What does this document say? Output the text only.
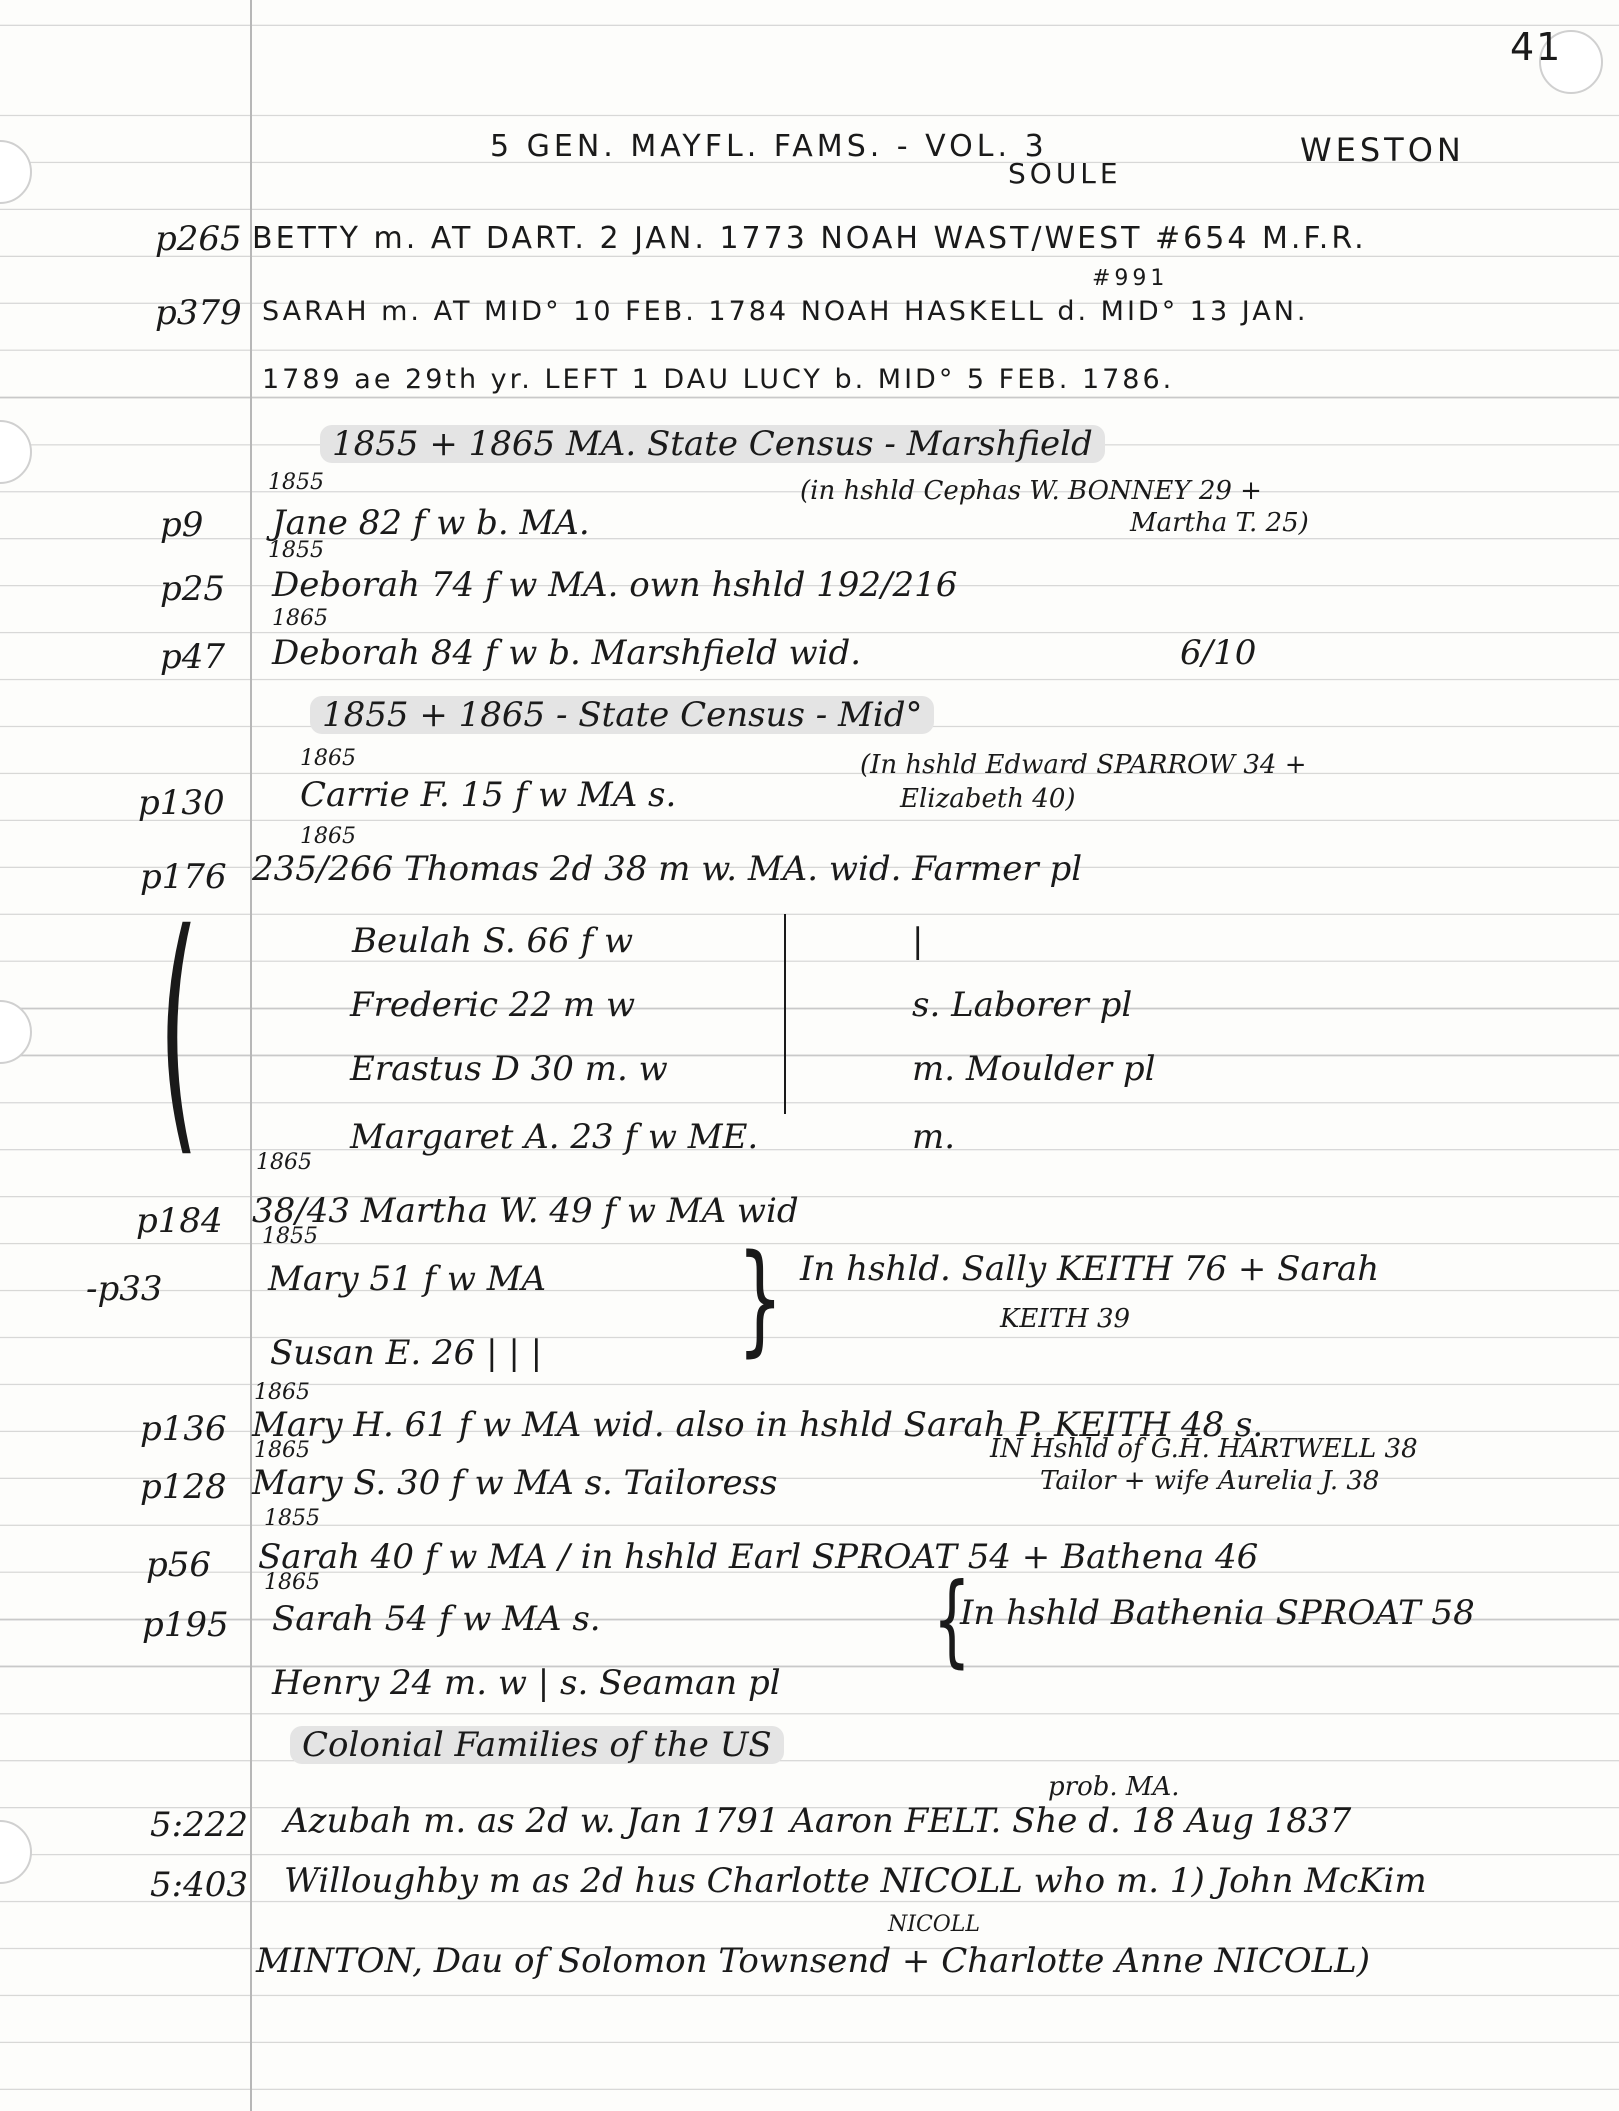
41
5 GEN. MAYFL. FAMS. - VOL. 3
SOULE
WESTON
p265 BETTY m. AT DART. 2 JAN. 1773 NOAH WAST/WEST #654 M.F.R.
#991
p379 SARAH m. AT MID° 10 FEB. 1784 NOAH HASKELL d. MID° 13 JAN.
1789 ae 29th yr. LEFT 1 DAU LUCY b. MID° 5 FEB. 1786.
1855 + 1865 MA. State Census - Marshfield
1855
p9 Jane 82 f w b. MA.
(in hshld Cephas W. BONNEY 29 +
Martha T. 25)
1855
p25 Deborah 74 f w MA. own hshld 192/216
1865
p47 Deborah 84 f w b. Marshfield wid.	6/10
1855 + 1865 - State Census - Mid°
1865
p130 Carrie F. 15 f w MA s.
(In hshld Edward SPARROW 34 +
Elizabeth 40)
1865
p176 235/266 Thomas 2d 38 m w. MA. wid. Farmer pl
(	Beulah S. 66 f w	|
Frederic 22 m w	s. Laborer pl
Erastus D 30 m. w	m. Moulder pl
Margaret A. 23 f w ME.	m.
1865
p184 38/43 Martha W. 49 f w MA wid
1855
-p33	Mary 51 f w MA } In hshld. Sally KEITH 76 + Sarah
KEITH 39
Susan E. 26 | | |
1865
p136 Mary H. 61 f w MA wid. also in hshld Sarah P. KEITH 48 s.
1865
p128 Mary S. 30 f w MA s. Tailoress
IN Hshld of G.H. HARTWELL 38
Tailor + wife Aurelia J. 38
1855
p56 Sarah 40 f w MA / in hshld Earl SPROAT 54 + Bathena 46
1865
p195 Sarah 54 f w MA s.	{
In hshld Bathenia SPROAT 58
Henry 24 m. w | s. Seaman pl
Colonial Families of the US
prob. MA.
5:222 Azubah m. as 2d w. Jan 1791 Aaron FELT. She d. 18 Aug 1837
5:403 Willoughby m as 2d hus Charlotte NICOLL who m. 1) John McKim
NICOLL
MINTON, Dau of Solomon Townsend + Charlotte Anne NICOLL)
